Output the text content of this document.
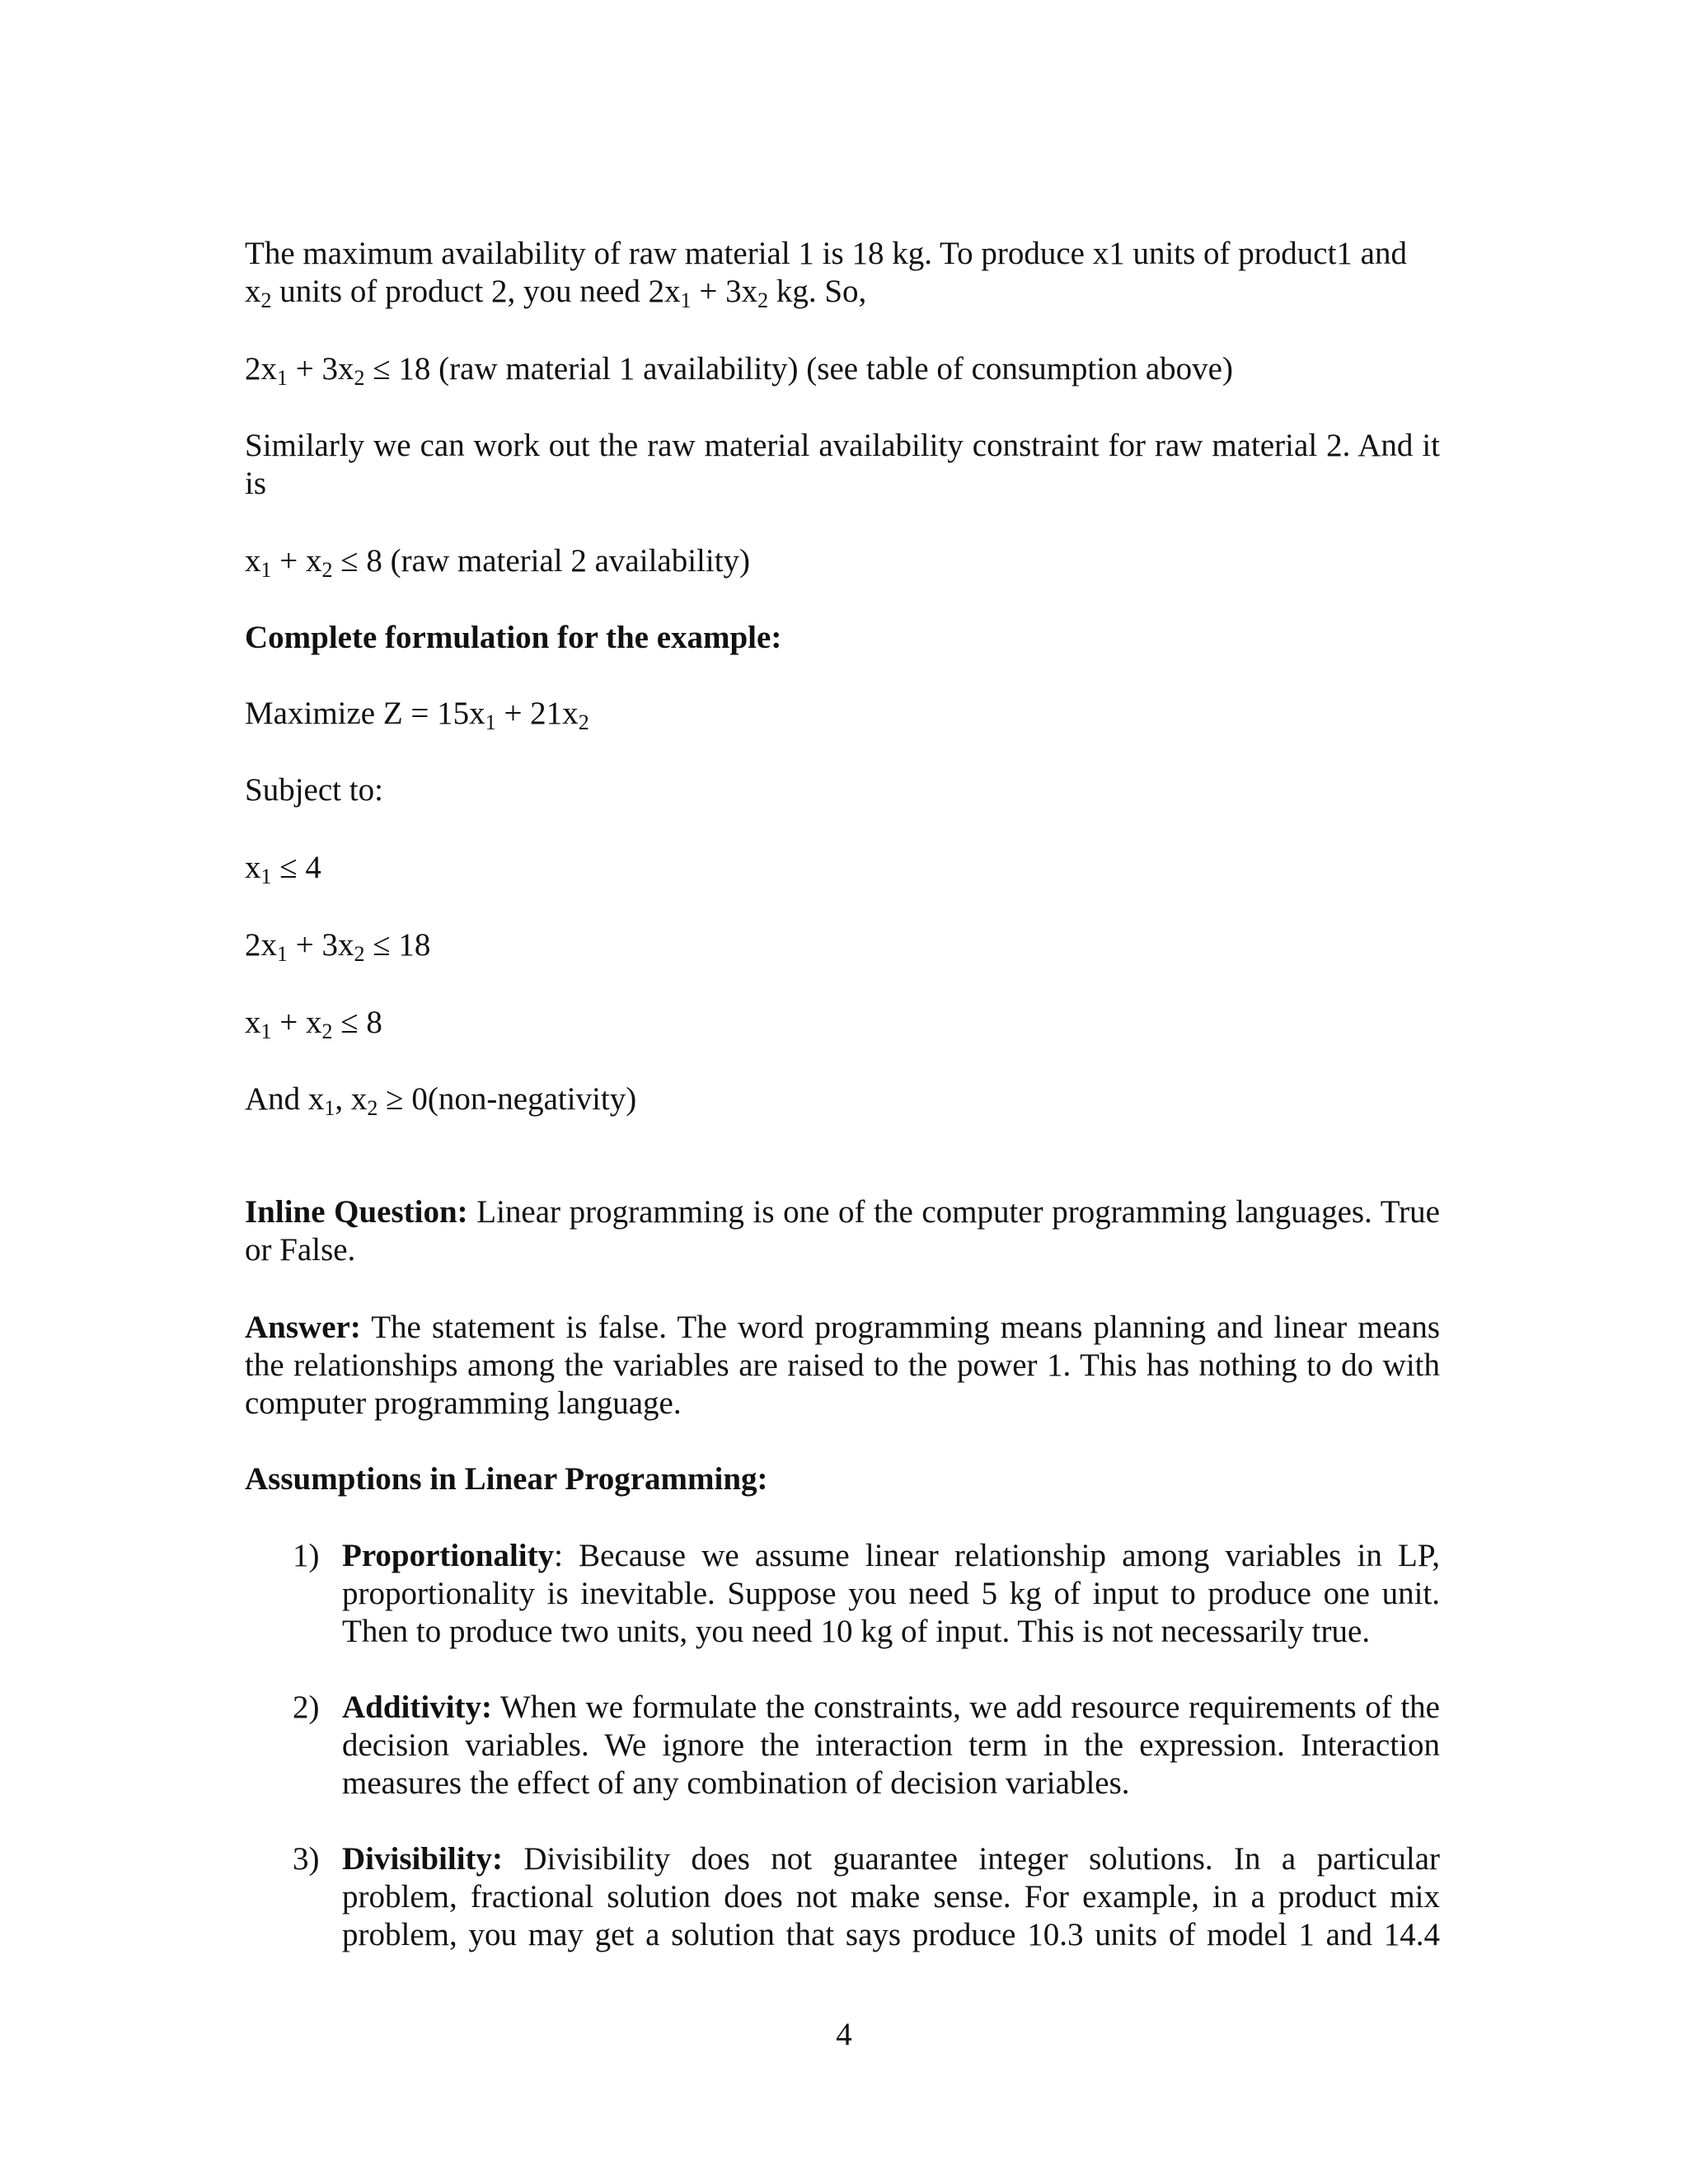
The maximum availability of raw material 1 is 18 kg. To produce x1 units of product1 and
$x_2$ units of product 2, you need $2x_1 + 3x_2$ kg. So,

$2x_1 + 3x_2 \le 18$ (raw material 1 availability) (see table of consumption above)

Similarly we can work out the raw material availability constraint for raw material 2. And it is

$x_1 + x_2 \le 8$ (raw material 2 availability)

Complete formulation for the example:

Maximize $Z = 15x_1 + 21x_2$

Subject to:

$x_1 \le 4$

$2x_1 + 3x_2 \le 18$

$x_1 + x_2 \le 8$

And $x_1$, $x_2$ ≥ 0(non-negativity)

Inline Question: Linear programming is one of the computer programming languages. True or False.

Answer: The statement is false. The word programming means planning and linear means the relationships among the variables are raised to the power 1. This has nothing to do with computer programming language.

Assumptions in Linear Programming:

1) Proportionality: Because we assume linear relationship among variables in LP, proportionality is inevitable. Suppose you need 5 kg of input to produce one unit. Then to produce two units, you need 10 kg of input. This is not necessarily true.
2) Additivity: When we formulate the constraints, we add resource requirements of the decision variables. We ignore the interaction term in the expression. Interaction measures the effect of any combination of decision variables.
3) Divisibility: Divisibility does not guarantee integer solutions. In a particular problem, fractional solution does not make sense. For example, in a product mix problem, you may get a solution that says produce 10.3 units of model 1 and 14.4
4
